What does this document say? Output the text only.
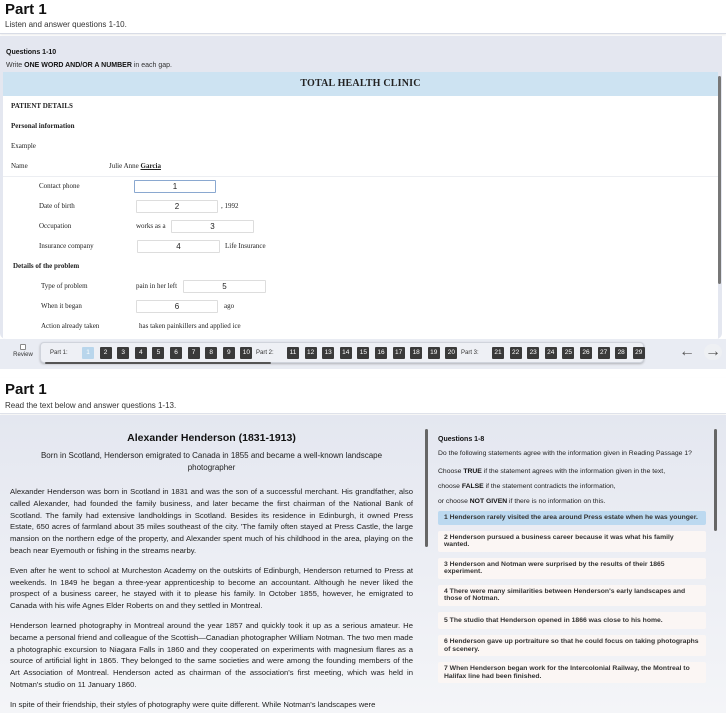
Part 1
Listen and answer questions 1-10.
Questions 1-10
Write ONE WORD AND/OR A NUMBER in each gap.
TOTAL HEALTH CLINIC
PATIENT DETAILS
Personal information
Example
Name	Julie Anne Garcia
Contact phone	1
Date of birth	2	, 1992
Occupation	works as a	3
Insurance company	4	Life Insurance
Details of the problem
Type of problem	pain in her left	5
When it began	6	ago
Action already taken	has taken painkillers and applied ice
Review	Part 1:	Part 2:	Part 3:
1	2	3	4	5	6	7	8	9	10	11	12	13	14	15	16	17	18	19	20	21	22	23	24	25	26	27	28	29 ← →
Part 1
Read the text below and answer questions 1-13.
Alexander Henderson (1831-1913)
Born in Scotland, Henderson emigrated to Canada in 1855 and became a well-known landscape photographer

Alexander Henderson was born in Scotland in 1831 and was the son of a successful merchant. His grandfather, also called Alexander, had founded the family business, and later became the first chairman of the National Bank of Scotland. The family had extensive landholdings in Scotland. Besides its residence in Edinburgh, it owned Press Estate, 650 acres of farmland about 35 miles southeast of the city. 'The family often stayed at Press Castle, the large mansion on the northern edge of the property, and Alexander spent much of his childhood in the area, playing on the beach near Eyemouth or fishing in the streams nearby.

Even after he went to school at Murcheston Academy on the outskirts of Edinburgh, Henderson returned to Press at weekends. In 1849 he began a three-year apprenticeship to become an accountant. Although he never liked the prospect of a business career, he stayed with it to please his family. In October 1855, however, he emigrated to Canada with his wife Agnes Elder Roberts on and they settled in Montreal.

Henderson learned photography in Montreal around the year 1857 and quickly took it up as a serious amateur. He became a personal friend and colleague of the Scottish—Canadian photographer William Notman. The two men made a photographic excursion to Niagara Falls in 1860 and they cooperated on experiments with magnesium flares as a source of artificial light in 1865. They belonged to the same societies and were among the founding members of the Art Association of Montreal. Henderson acted as chairman of the association's first meeting, which was held in Notman's studio on 11 January 1860.

In spite of their friendship, their styles of photography were quite different. While Notman's landscapes were

Questions 1-8
Do the following statements agree with the information given in Reading Passage 1?
Choose TRUE if the statement agrees with the information given in the text,
choose FALSE if the statement contradicts the information,
or choose NOT GIVEN if there is no information on this.
1 Henderson rarely visited the area around Press estate when he was younger.
2 Henderson pursued a business career because it was what his family wanted.
3 Henderson and Notman were surprised by the results of their 1865 experiment.
4 There were many similarities between Henderson's early landscapes and those of Notman.
5 The studio that Henderson opened in 1866 was close to his home.
6 Henderson gave up portraiture so that he could focus on taking photographs of scenery.
7 When Henderson began work for the Intercolonial Railway, the Montreal to Halifax line had been finished.
